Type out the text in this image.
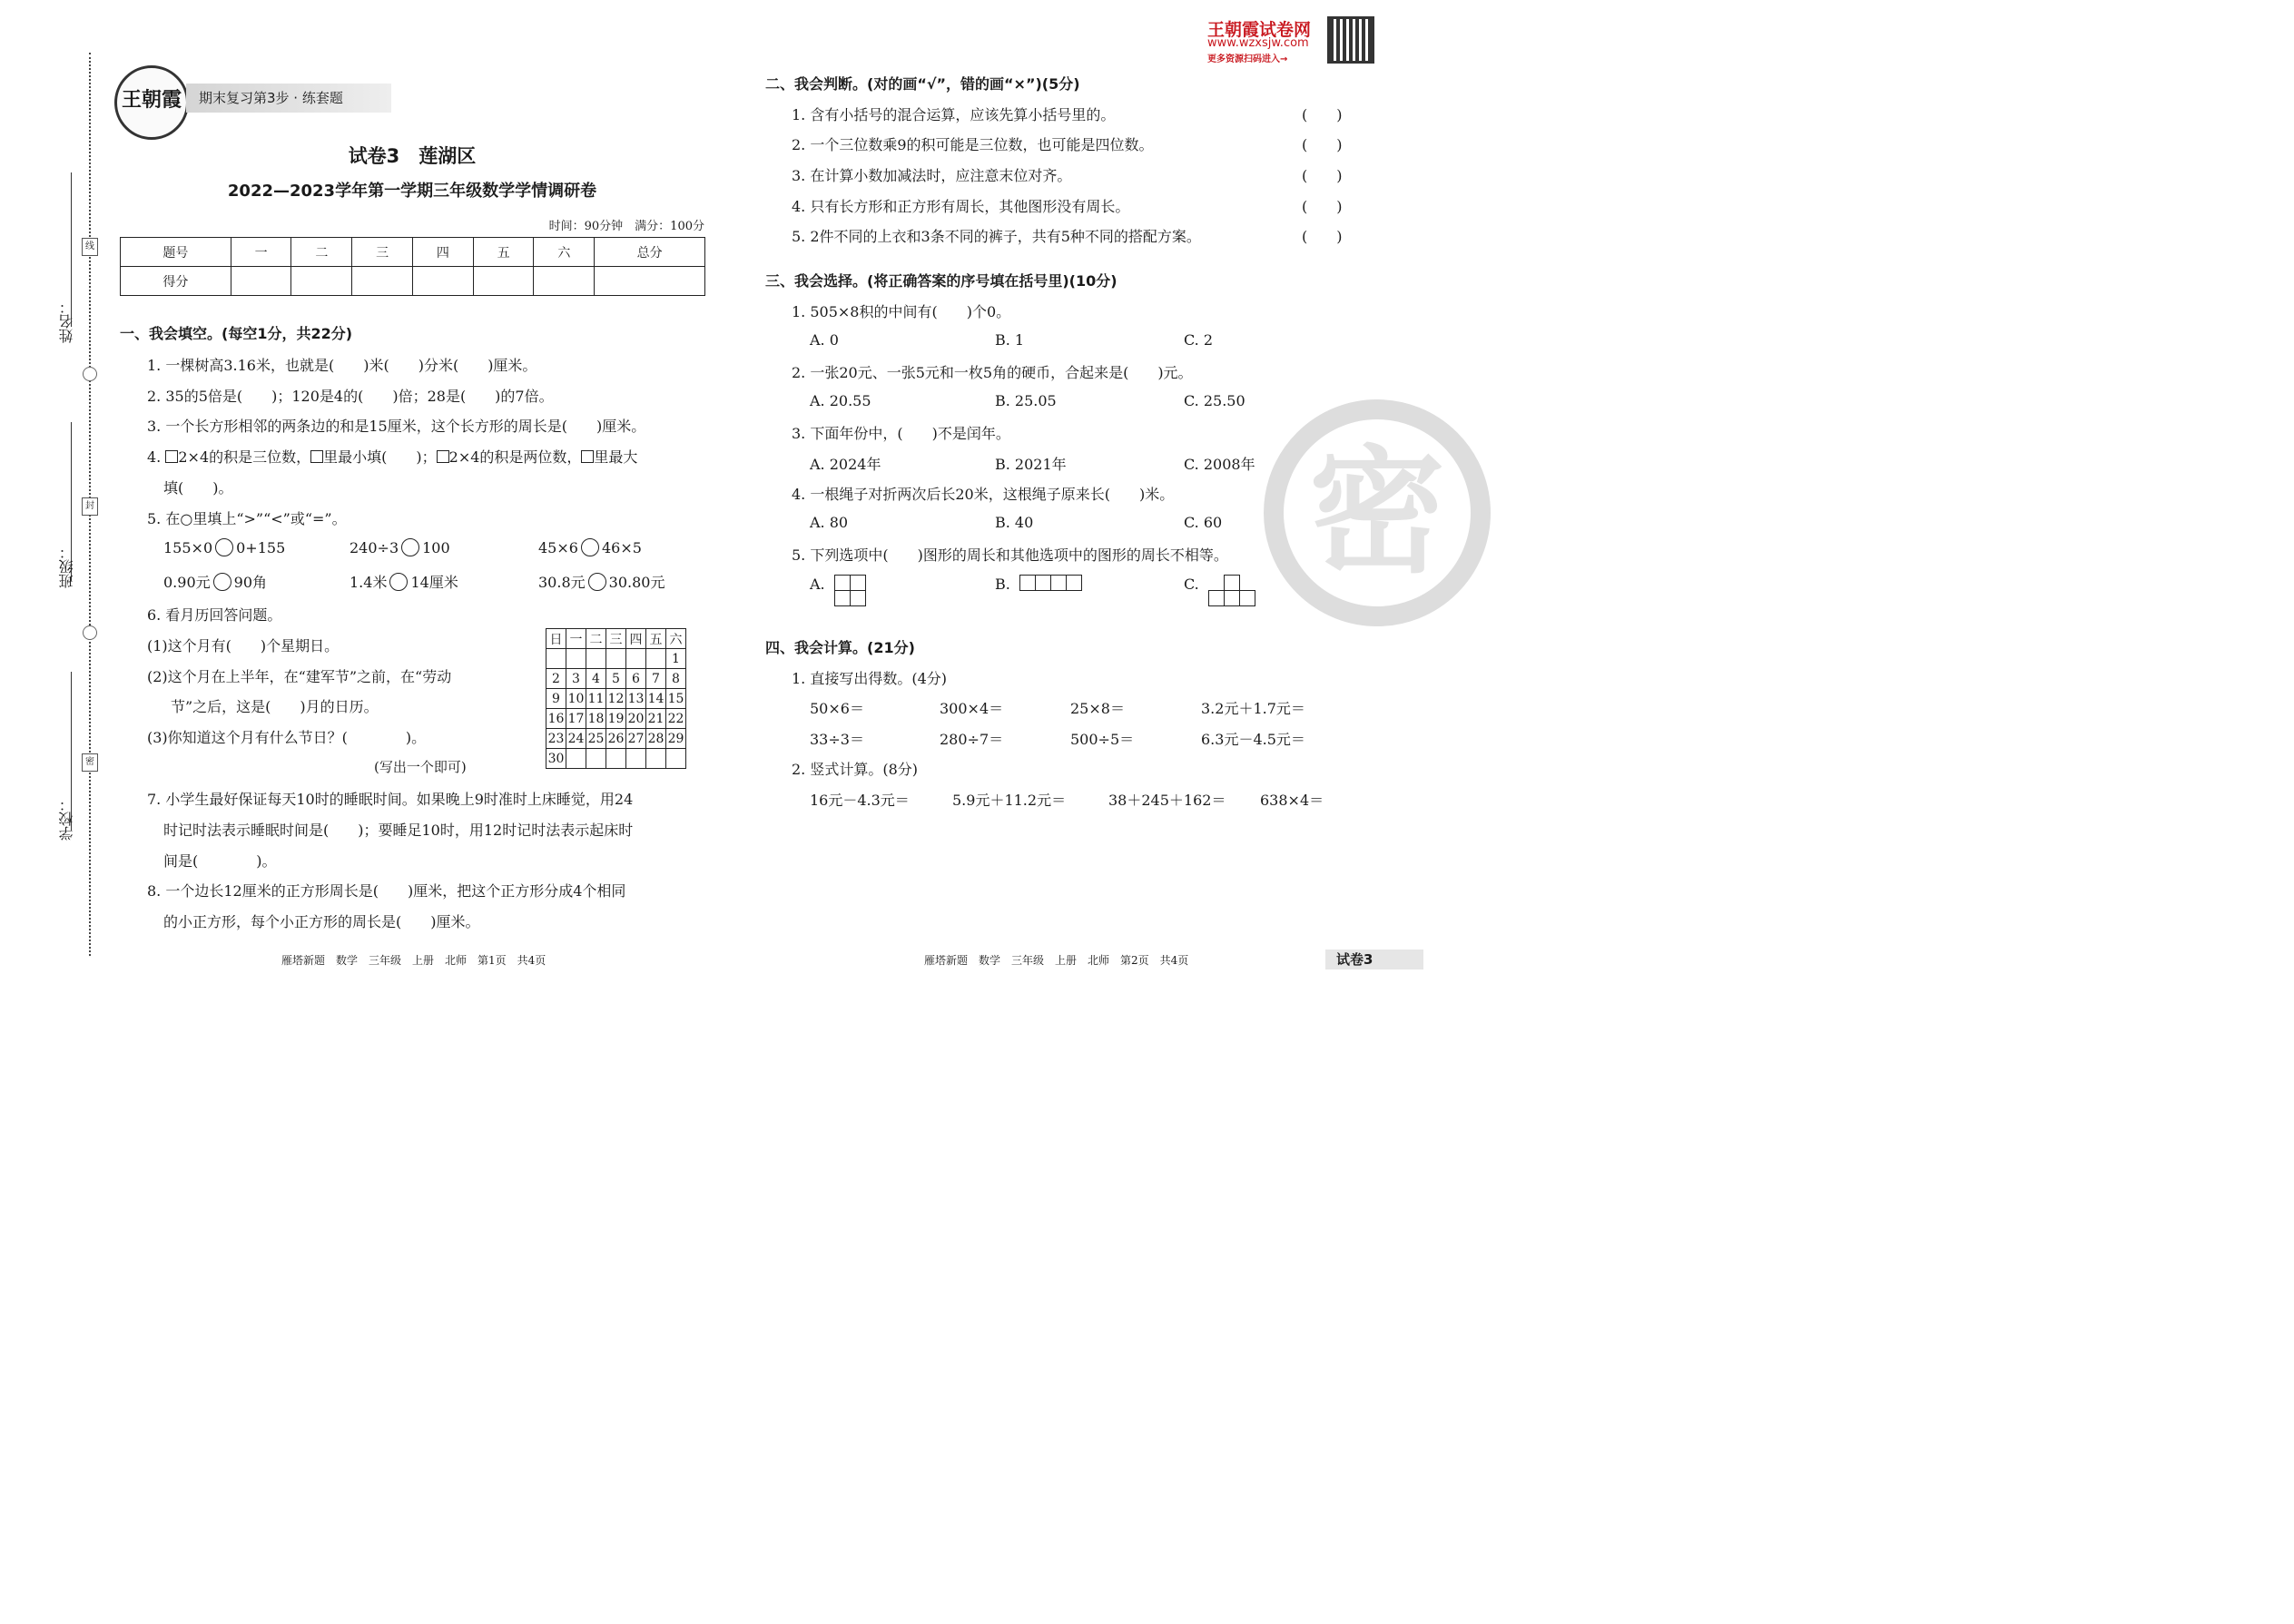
姓名：
班级：
学校：
线
封
密
王朝霞	期末复习第3步 · 练套题
试卷3　莲湖区
2022—2023学年第一学期三年级数学学情调研卷
时间：90分钟　满分：100分
题号	一	二	三	四	五	六	总分
得分							
一、我会填空。(每空1分，共22分)
1. 一棵树高3.16米，也就是(　　)米(　　)分米(　　)厘米。
2. 35的5倍是(　　)；120是4的(　　)倍；28是(　　)的7倍。
3. 一个长方形相邻的两条边的和是15厘米，这个长方形的周长是(　　)厘米。
4. 2×4的积是三位数， 里最小填(　　)； 2×4的积是两位数， 里最大
填(　　)。
5. 在○里填上“>”“<”或“=”。
155×0 0+155	240÷3 100	45×6 46×5
0.90元 90角	1.4米 14厘米	30.8元 30.80元
6. 看月历回答问题。
(1)这个月有(　　)个星期日。
(2)这个月在上半年，在“建军节”之前，在“劳动
节”之后，这是(　　)月的日历。
(3)你知道这个月有什么节日？(　　　　)。
(写出一个即可)
日	一	二	三	四	五	六
						1
2	3	4	5	6	7	8
9	10	11	12	13	14	15
16	17	18	19	20	21	22
23	24	25	26	27	28	29
30						
7. 小学生最好保证每天10时的睡眠时间。如果晚上9时准时上床睡觉，用24
时记时法表示睡眠时间是(　　)；要睡足10时，用12时记时法表示起床时
间是(　　　　)。
8. 一个边长12厘米的正方形周长是(　　)厘米，把这个正方形分成4个相同
的小正方形，每个小正方形的周长是(　　)厘米。
雁塔新题　数学　三年级　上册　北师　第1页　共4页
王朝霞试卷网
www.wzxsjw.com
更多资源扫码进入→
密
二、我会判断。(对的画“√”，错的画“×”)(5分)
1. 含有小括号的混合运算，应该先算小括号里的。
2. 一个三位数乘9的积可能是三位数，也可能是四位数。
3. 在计算小数加减法时，应注意末位对齐。
4. 只有长方形和正方形有周长，其他图形没有周长。
5. 2件不同的上衣和3条不同的裤子，共有5种不同的搭配方案。
(　　)
(　　)
(　　)
(　　)
(　　)
三、我会选择。(将正确答案的序号填在括号里)(10分)
1. 505×8积的中间有(　　)个0。
A. 0	B. 1	C. 2
2. 一张20元、一张5元和一枚5角的硬币，合起来是(　　)元。
A. 20.55	B. 25.05	C. 25.50
3. 下面年份中，(　　)不是闰年。
A. 2024年	B. 2021年	C. 2008年
4. 一根绳子对折两次后长20米，这根绳子原来长(　　)米。
A. 80	B. 40	C. 60
5. 下列选项中(　　)图形的周长和其他选项中的图形的周长不相等。
A.	B.	C.

四、我会计算。(21分)
1. 直接写出得数。(4分)
50×6＝	300×4＝	25×8＝	3.2元＋1.7元＝
33÷3＝	280÷7＝	500÷5＝	6.3元－4.5元＝
2. 竖式计算。(8分)
16元－4.3元＝	5.9元＋11.2元＝	38＋245＋162＝ 638×4＝
雁塔新题　数学　三年级　上册　北师　第2页　共4页	试卷3
